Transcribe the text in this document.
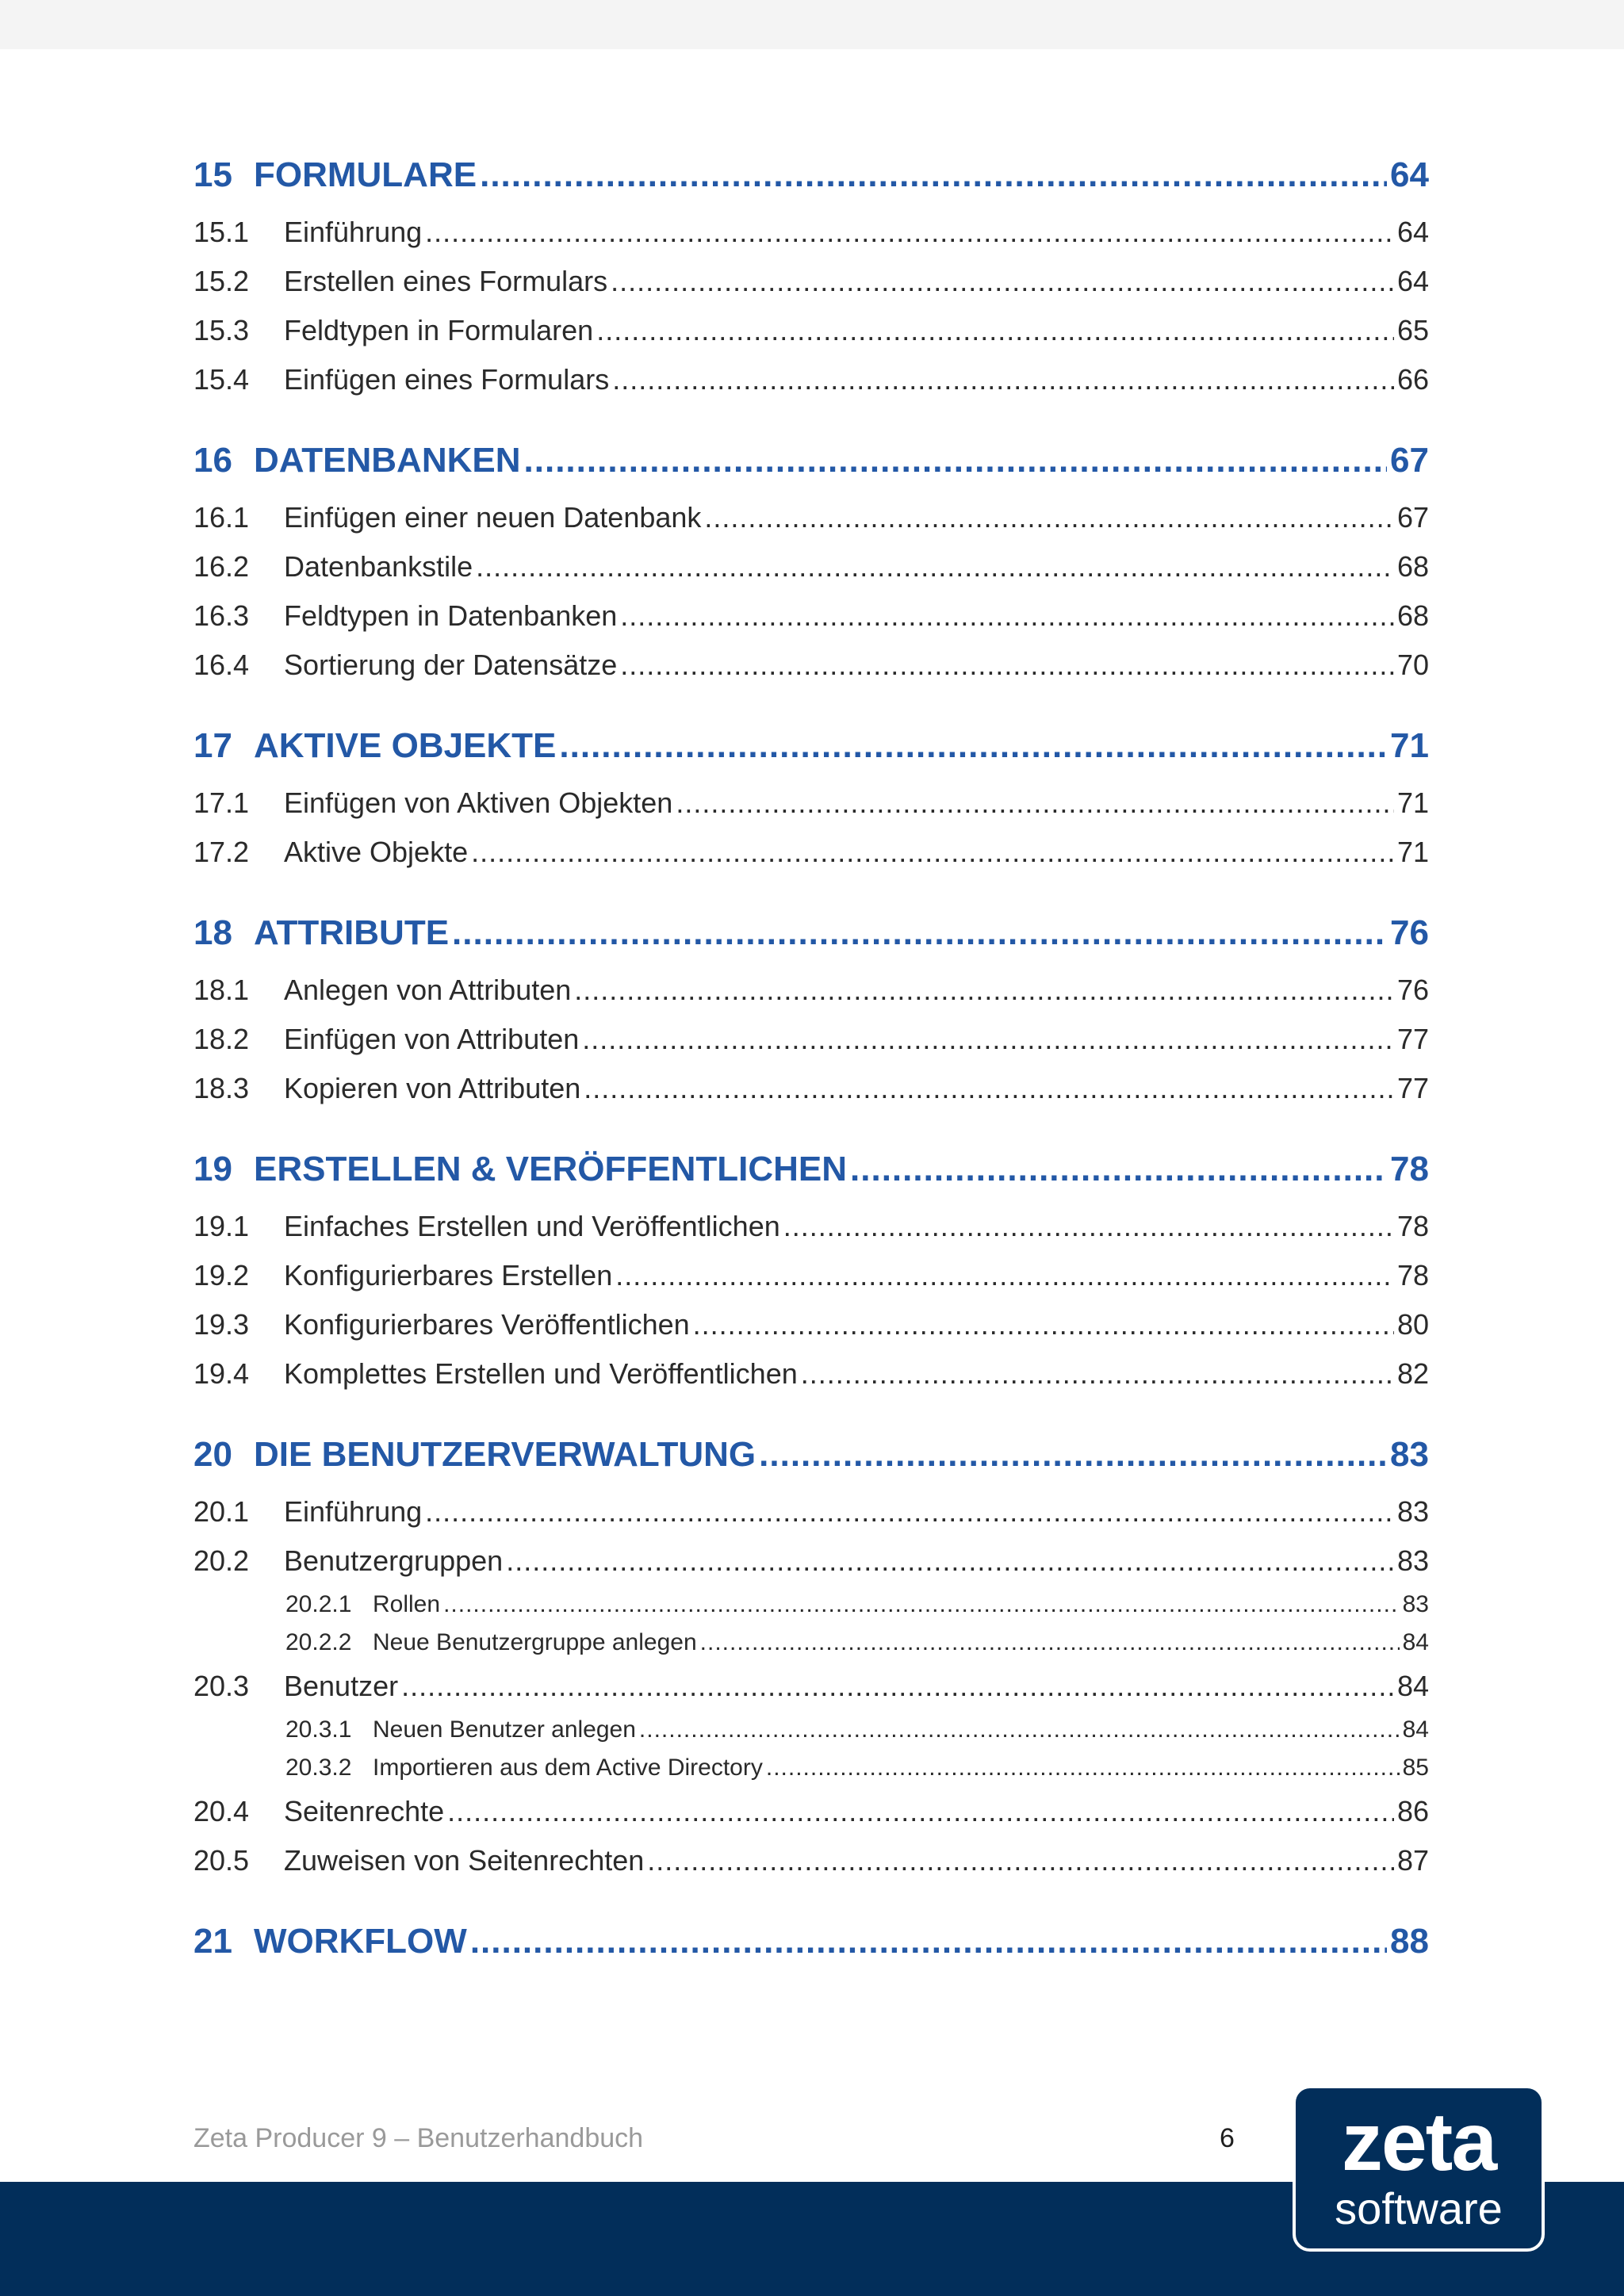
15 FORMULARE .....	64
15.1	Einführung .....	64
15.2	Erstellen eines Formulars .....	64
15.3	Feldtypen in Formularen .....	65
15.4	Einfügen eines Formulars .....	66
16 DATENBANKEN .....	67
16.1	Einfügen einer neuen Datenbank .....	67
16.2	Datenbankstile .....	68
16.3	Feldtypen in Datenbanken .....	68
16.4	Sortierung der Datensätze .....	70
17 AKTIVE OBJEKTE .....	71
17.1	Einfügen von Aktiven Objekten .....	71
17.2	Aktive Objekte .....	71
18 ATTRIBUTE .....	76
18.1	Anlegen von Attributen .....	76
18.2	Einfügen von Attributen .....	77
18.3	Kopieren von Attributen .....	77
19 ERSTELLEN & VERÖFFENTLICHEN .....	78
19.1	Einfaches Erstellen und Veröffentlichen .....	78
19.2	Konfigurierbares Erstellen .....	78
19.3	Konfigurierbares Veröffentlichen .....	80
19.4	Komplettes Erstellen und Veröffentlichen .....	82
20 DIE BENUTZERVERWALTUNG .....	83
20.1	Einführung .....	83
20.2	Benutzergruppen .....	83
20.2.1 Rollen .....	83
20.2.2 Neue Benutzergruppe anlegen .....	84
20.3	Benutzer .....	84
20.3.1 Neuen Benutzer anlegen .....	84
20.3.2 Importieren aus dem Active Directory .....	85
20.4	Seitenrechte .....	86
20.5	Zuweisen von Seitenrechten .....	87
21 WORKFLOW .....	88
Zeta Producer 9 – Benutzerhandbuch	6	zeta
software
